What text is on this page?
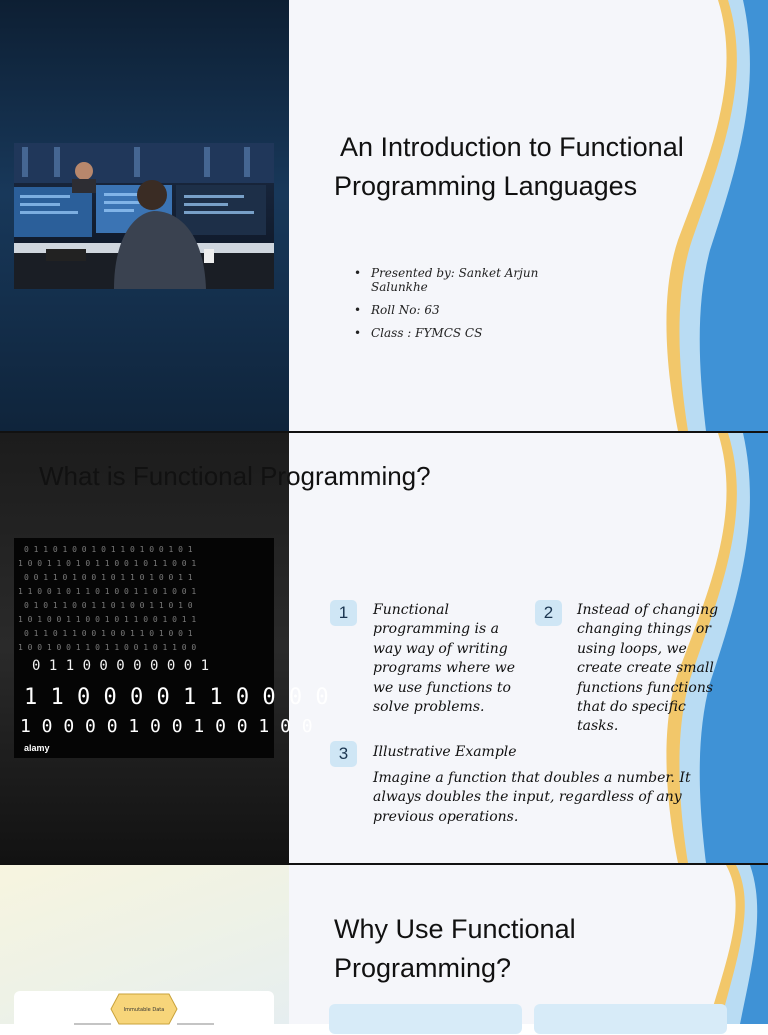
An Introduction to Functional
Programming Languages
• Presented by: Sanket Arjun Salunkhe
• Roll No: 63
• Class : FYMCS CS
What is Functional Programming?
0 1 1 0 1 0 0 1 0 1 1 0 1 0 0 1 0 1
1 0 0 1 1 0 1 0 1 1 0 0 1 0 1 1 0 0 1
0 0 1 1 0 1 0 0 1 0 1 1 0 1 0 0 1 1
1 1 0 0 1 0 1 1 0 1 0 0 1 1 0 1 0 0 1
0 1 0 1 1 0 0 1 1 0 1 0 0 1 1 0 1 0
1 0 1 0 0 1 1 0 0 1 0 1 1 0 0 1 0 1 1
0 1 1 0 1 1 0 0 1 0 0 1 1 0 1 0 0 1
1 0 0 1 0 0 1 1 0 1 1 0 0 1 0 1 1 0 0
0 1 1 0 0 0 0 0 0 0 1
1 1 0 0 0 0 1 1 0 0 0 0
1 0 0 0 0 1 0 0 1 0 0 1 0 0
alamy
1	Functional programming is a way way of writing programs where we we use functions to solve problems.
2	Instead of changing changing things or using loops, we create create small functions functions that do specific tasks.
3	Illustrative Example
Imagine a function that doubles a number. It always doubles the input, regardless of any previous operations.
Why Use Functional
Programming?
Immutable Data
